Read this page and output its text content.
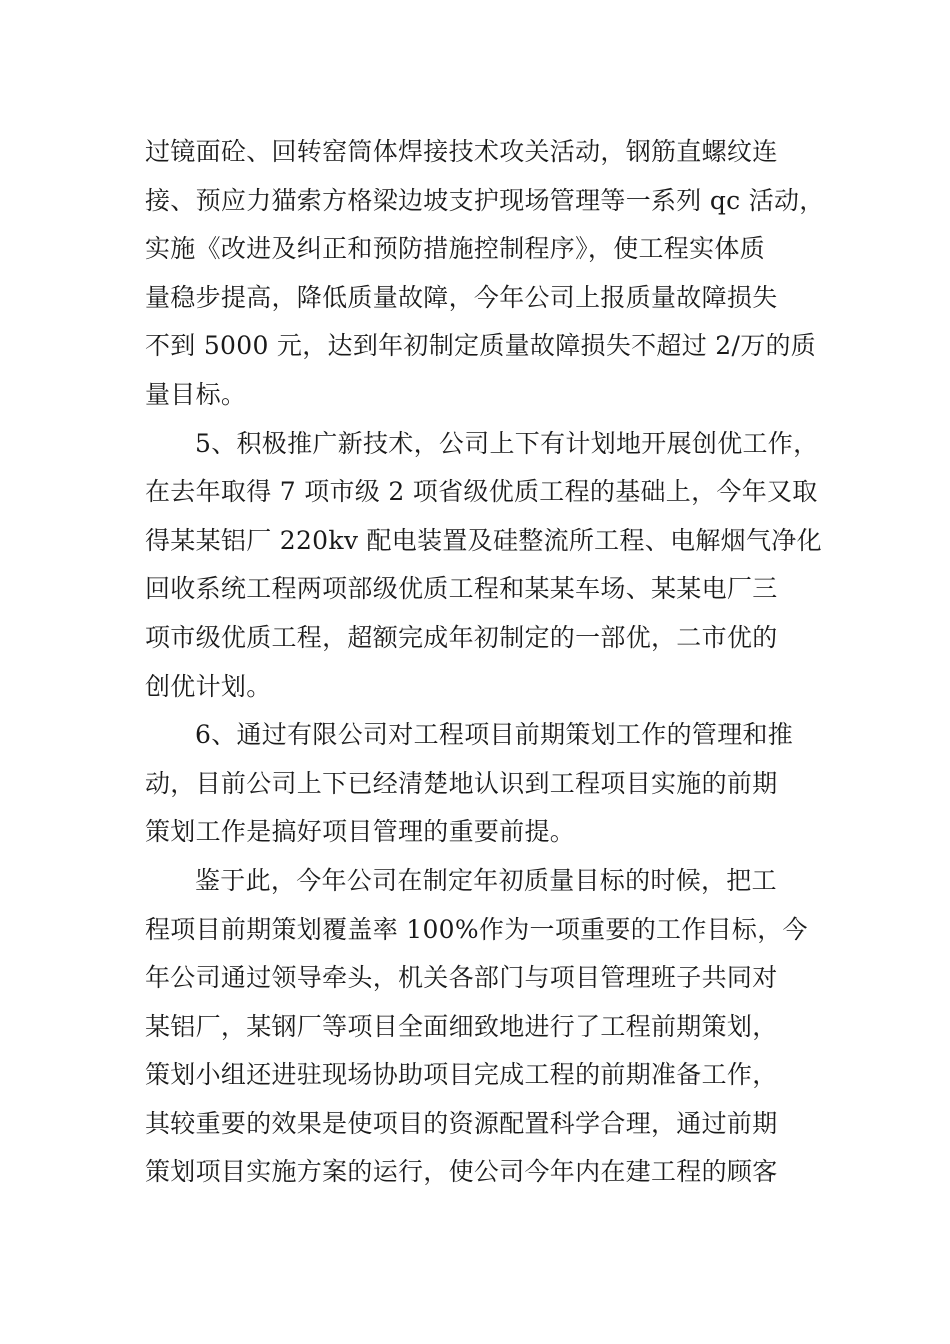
过镜面砼、回转窑筒体焊接技术攻关活动，钢筋直螺纹连
接、预应力猫索方格梁边坡支护现场管理等一系列 qc 活动，
实施《改进及纠正和预防措施控制程序》，使工程实体质
量稳步提高，降低质量故障，今年公司上报质量故障损失
不到 5000 元，达到年初制定质量故障损失不超过 2/万的质
量目标。
5、积极推广新技术，公司上下有计划地开展创优工作，
在去年取得 7 项市级 2 项省级优质工程的基础上，今年又取
得某某铝厂 220kv 配电装置及硅整流所工程、电解烟气净化
回收系统工程两项部级优质工程和某某车场、某某电厂三
项市级优质工程，超额完成年初制定的一部优，二市优的
创优计划。
6、通过有限公司对工程项目前期策划工作的管理和推
动，目前公司上下已经清楚地认识到工程项目实施的前期
策划工作是搞好项目管理的重要前提。
鉴于此，今年公司在制定年初质量目标的时候，把工
程项目前期策划覆盖率 100%作为一项重要的工作目标，今
年公司通过领导牵头，机关各部门与项目管理班子共同对
某铝厂，某钢厂等项目全面细致地进行了工程前期策划，
策划小组还进驻现场协助项目完成工程的前期准备工作，
其较重要的效果是使项目的资源配置科学合理，通过前期
策划项目实施方案的运行，使公司今年内在建工程的顾客
